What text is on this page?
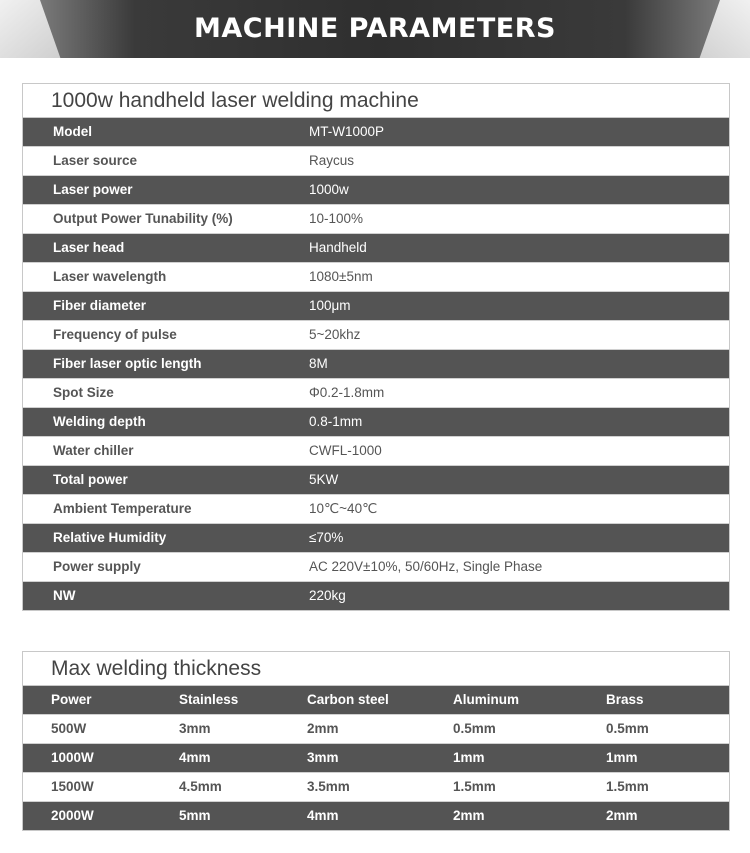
MACHINE PARAMETERS
1000w handheld laser welding machine
Model	MT-W1000P
Laser source	Raycus
Laser power	1000w
Output Power Tunability (%)	10-100%
Laser head	Handheld
Laser wavelength	1080±5nm
Fiber diameter	100μm
Frequency of pulse	5~20khz
Fiber laser optic length	8M
Spot Size	Φ0.2-1.8mm
Welding depth	0.8-1mm
Water chiller	CWFL-1000
Total power	5KW
Ambient Temperature	10℃~40℃
Relative Humidity	≤70%
Power supply	AC 220V±10%, 50/60Hz, Single Phase
NW	220kg
Max welding thickness
Power	Stainless	Carbon steel	Aluminum	Brass
500W	3mm	2mm	0.5mm	0.5mm
1000W	4mm	3mm	1mm	1mm
1500W	4.5mm	3.5mm	1.5mm	1.5mm
2000W	5mm	4mm	2mm	2mm
